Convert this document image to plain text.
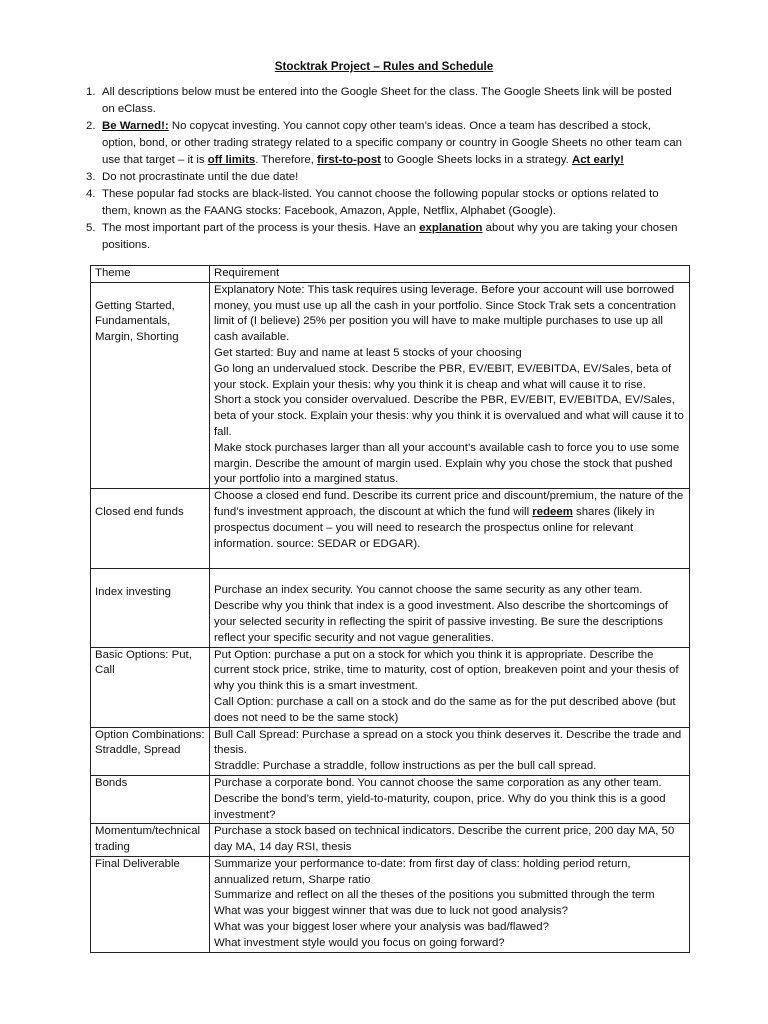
Stocktrak Project – Rules and Schedule
1. All descriptions below must be entered into the Google Sheet for the class. The Google Sheets link will be posted on eClass.
2. Be Warned!: No copycat investing. You cannot copy other team’s ideas. Once a team has described a stock, option, bond, or other trading strategy related to a specific company or country in Google Sheets no other team can use that target – it is off limits. Therefore, first-to-post to Google Sheets locks in a strategy. Act early!
3. Do not procrastinate until the due date!
4. These popular fad stocks are black-listed. You cannot choose the following popular stocks or options related to them, known as the FAANG stocks: Facebook, Amazon, Apple, Netflix, Alphabet (Google).
5. The most important part of the process is your thesis. Have an explanation about why you are taking your chosen positions.
Theme	Requirement

Getting Started, Fundamentals, Margin, Shorting	Explanatory Note: This task requires using leverage. Before your account will use borrowed money, you must use up all the cash in your portfolio. Since Stock Trak sets a concentration limit of (I believe) 25% per position you will have to make multiple purchases to use up all cash available.
Get started: Buy and name at least 5 stocks of your choosing
Go long an undervalued stock. Describe the PBR, EV/EBIT, EV/EBITDA, EV/Sales, beta of your stock. Explain your thesis: why you think it is cheap and what will cause it to rise.
Short a stock you consider overvalued. Describe the PBR, EV/EBIT, EV/EBITDA, EV/Sales, beta of your stock. Explain your thesis: why you think it is overvalued and what will cause it to fall.
Make stock purchases larger than all your account’s available cash to force you to use some margin. Describe the amount of margin used. Explain why you chose the stock that pushed your portfolio into a margined status.

Closed end funds	Choose a closed end fund. Describe its current price and discount/premium, the nature of the fund’s investment approach, the discount at which the fund will redeem shares (likely in prospectus document – you will need to research the prospectus online for relevant information. source: SEDAR or EDGAR).

Index investing	Purchase an index security. You cannot choose the same security as any other team. Describe why you think that index is a good investment. Also describe the shortcomings of your selected security in reflecting the spirit of passive investing. Be sure the descriptions reflect your specific security and not vague generalities.

Basic Options: Put, Call	Put Option: purchase a put on a stock for which you think it is appropriate. Describe the current stock price, strike, time to maturity, cost of option, breakeven point and your thesis of why you think this is a smart investment.
Call Option: purchase a call on a stock and do the same as for the put described above (but does not need to be the same stock)

Option Combinations: Straddle, Spread	Bull Call Spread: Purchase a spread on a stock you think deserves it. Describe the trade and thesis.
Straddle: Purchase a straddle, follow instructions as per the bull call spread.

Bonds	Purchase a corporate bond. You cannot choose the same corporation as any other team. Describe the bond’s term, yield-to-maturity, coupon, price. Why do you think this is a good investment?

Momentum/technical trading	Purchase a stock based on technical indicators. Describe the current price, 200 day MA, 50 day MA, 14 day RSI, thesis

Final Deliverable	Summarize your performance to-date: from first day of class: holding period return, annualized return, Sharpe ratio
Summarize and reflect on all the theses of the positions you submitted through the term
What was your biggest winner that was due to luck not good analysis?
What was your biggest loser where your analysis was bad/flawed?
What investment style would you focus on going forward?
